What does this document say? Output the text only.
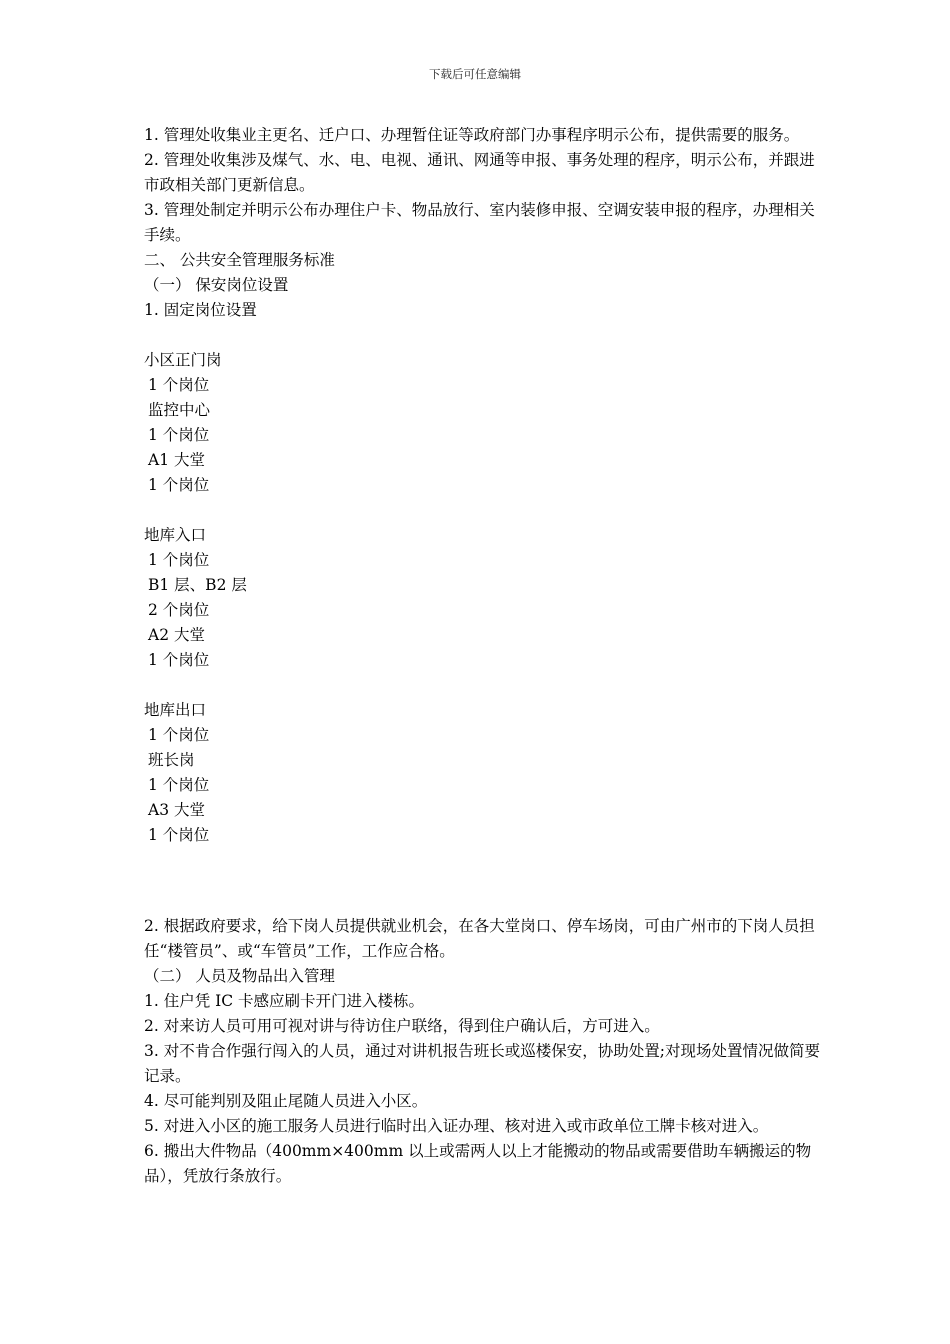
下载后可任意编辑

1. 管理处收集业主更名、迁户口、办理暂住证等政府部门办事程序明示公布，提供需要的服务。

2. 管理处收集涉及煤气、水、电、电视、通讯、网通等申报、事务处理的程序，明示公布，并跟进市政相关部门更新信息。

3. 管理处制定并明示公布办理住户卡、物品放行、室内装修申报、空调安装申报的程序，办理相关手续。

二、 公共安全管理服务标准

（一） 保安岗位设置

1. 固定岗位设置

小区正门岗

1 个岗位

监控中心

1 个岗位

A1 大堂

1 个岗位

地库入口

1 个岗位

B1 层、B2 层

2 个岗位

A2 大堂

1 个岗位

地库出口

1 个岗位

班长岗

1 个岗位

A3 大堂

1 个岗位

2. 根据政府要求，给下岗人员提供就业机会，在各大堂岗口、停车场岗，可由广州市的下岗人员担任“楼管员”、或“车管员”工作，工作应合格。

（二） 人员及物品出入管理

1. 住户凭 IC 卡感应刷卡开门进入楼栋。

2. 对来访人员可用可视对讲与待访住户联络，得到住户确认后，方可进入。

3. 对不肯合作强行闯入的人员，通过对讲机报告班长或巡楼保安，协助处置;对现场处置情况做简要记录。

4. 尽可能判别及阻止尾随人员进入小区。

5. 对进入小区的施工服务人员进行临时出入证办理、核对进入或市政单位工牌卡核对进入。

6. 搬出大件物品（400mm×400mm 以上或需两人以上才能搬动的物品或需要借助车辆搬运的物品），凭放行条放行。
